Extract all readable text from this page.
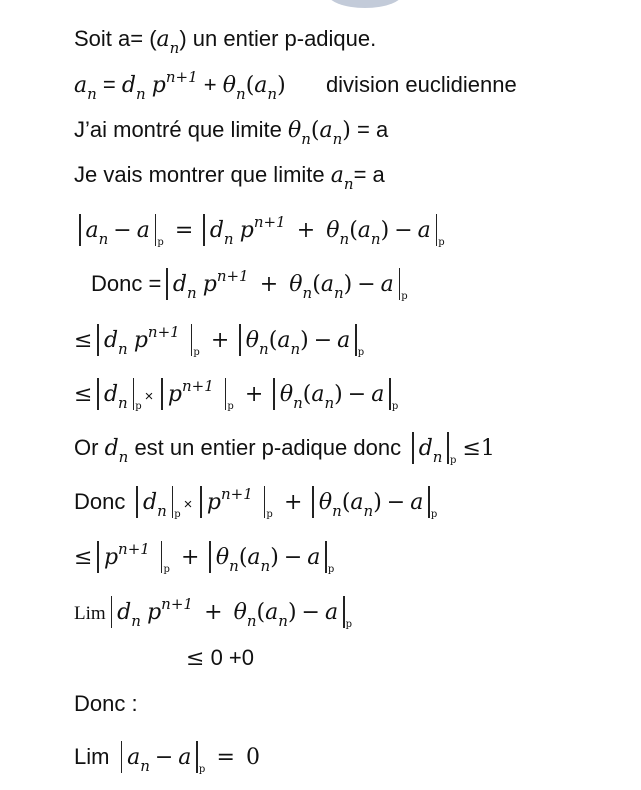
Soit $a= (a_n)$ un entier p-adique.
$a_n = d_n$ $p^{n+1} + \theta_n(a_n)$ division euclidienne
J’ai montré que limite $\theta_n(a_n) = a$
Je vais montrer que limite $a_n= a$
$a_n - a$ $_p = d_n$ $p^{n+1} + \theta_n(a_n) - a$ $_p$
Donc = $d_n$ $p^{n+1} + \theta_n(a_n) - a$ $_p$
≤ $d_n$ $p^{n+1}$ $_p + \theta_n(a_n) - a$ $_p$
≤ $d_n$ $_p\times p^{n+1}$ $_p + \theta_n(a_n) - a$ $_p$
Or $d_n$ est un entier p-adique donc $d_n$ $_p$ ≤1
Donc $d_n$ $_p\times p^{n+1}$ $_p + \theta_n(a_n) - a$ $_p$
≤ $p^{n+1}$ $_p + \theta_n(a_n) - a$ $_p$
Lim $d_n$ $p^{n+1} + \theta_n(a_n) - a$ $_p$
≤ 0 +0
Donc :
Lim $a_n - a$ $_p$ = 0
